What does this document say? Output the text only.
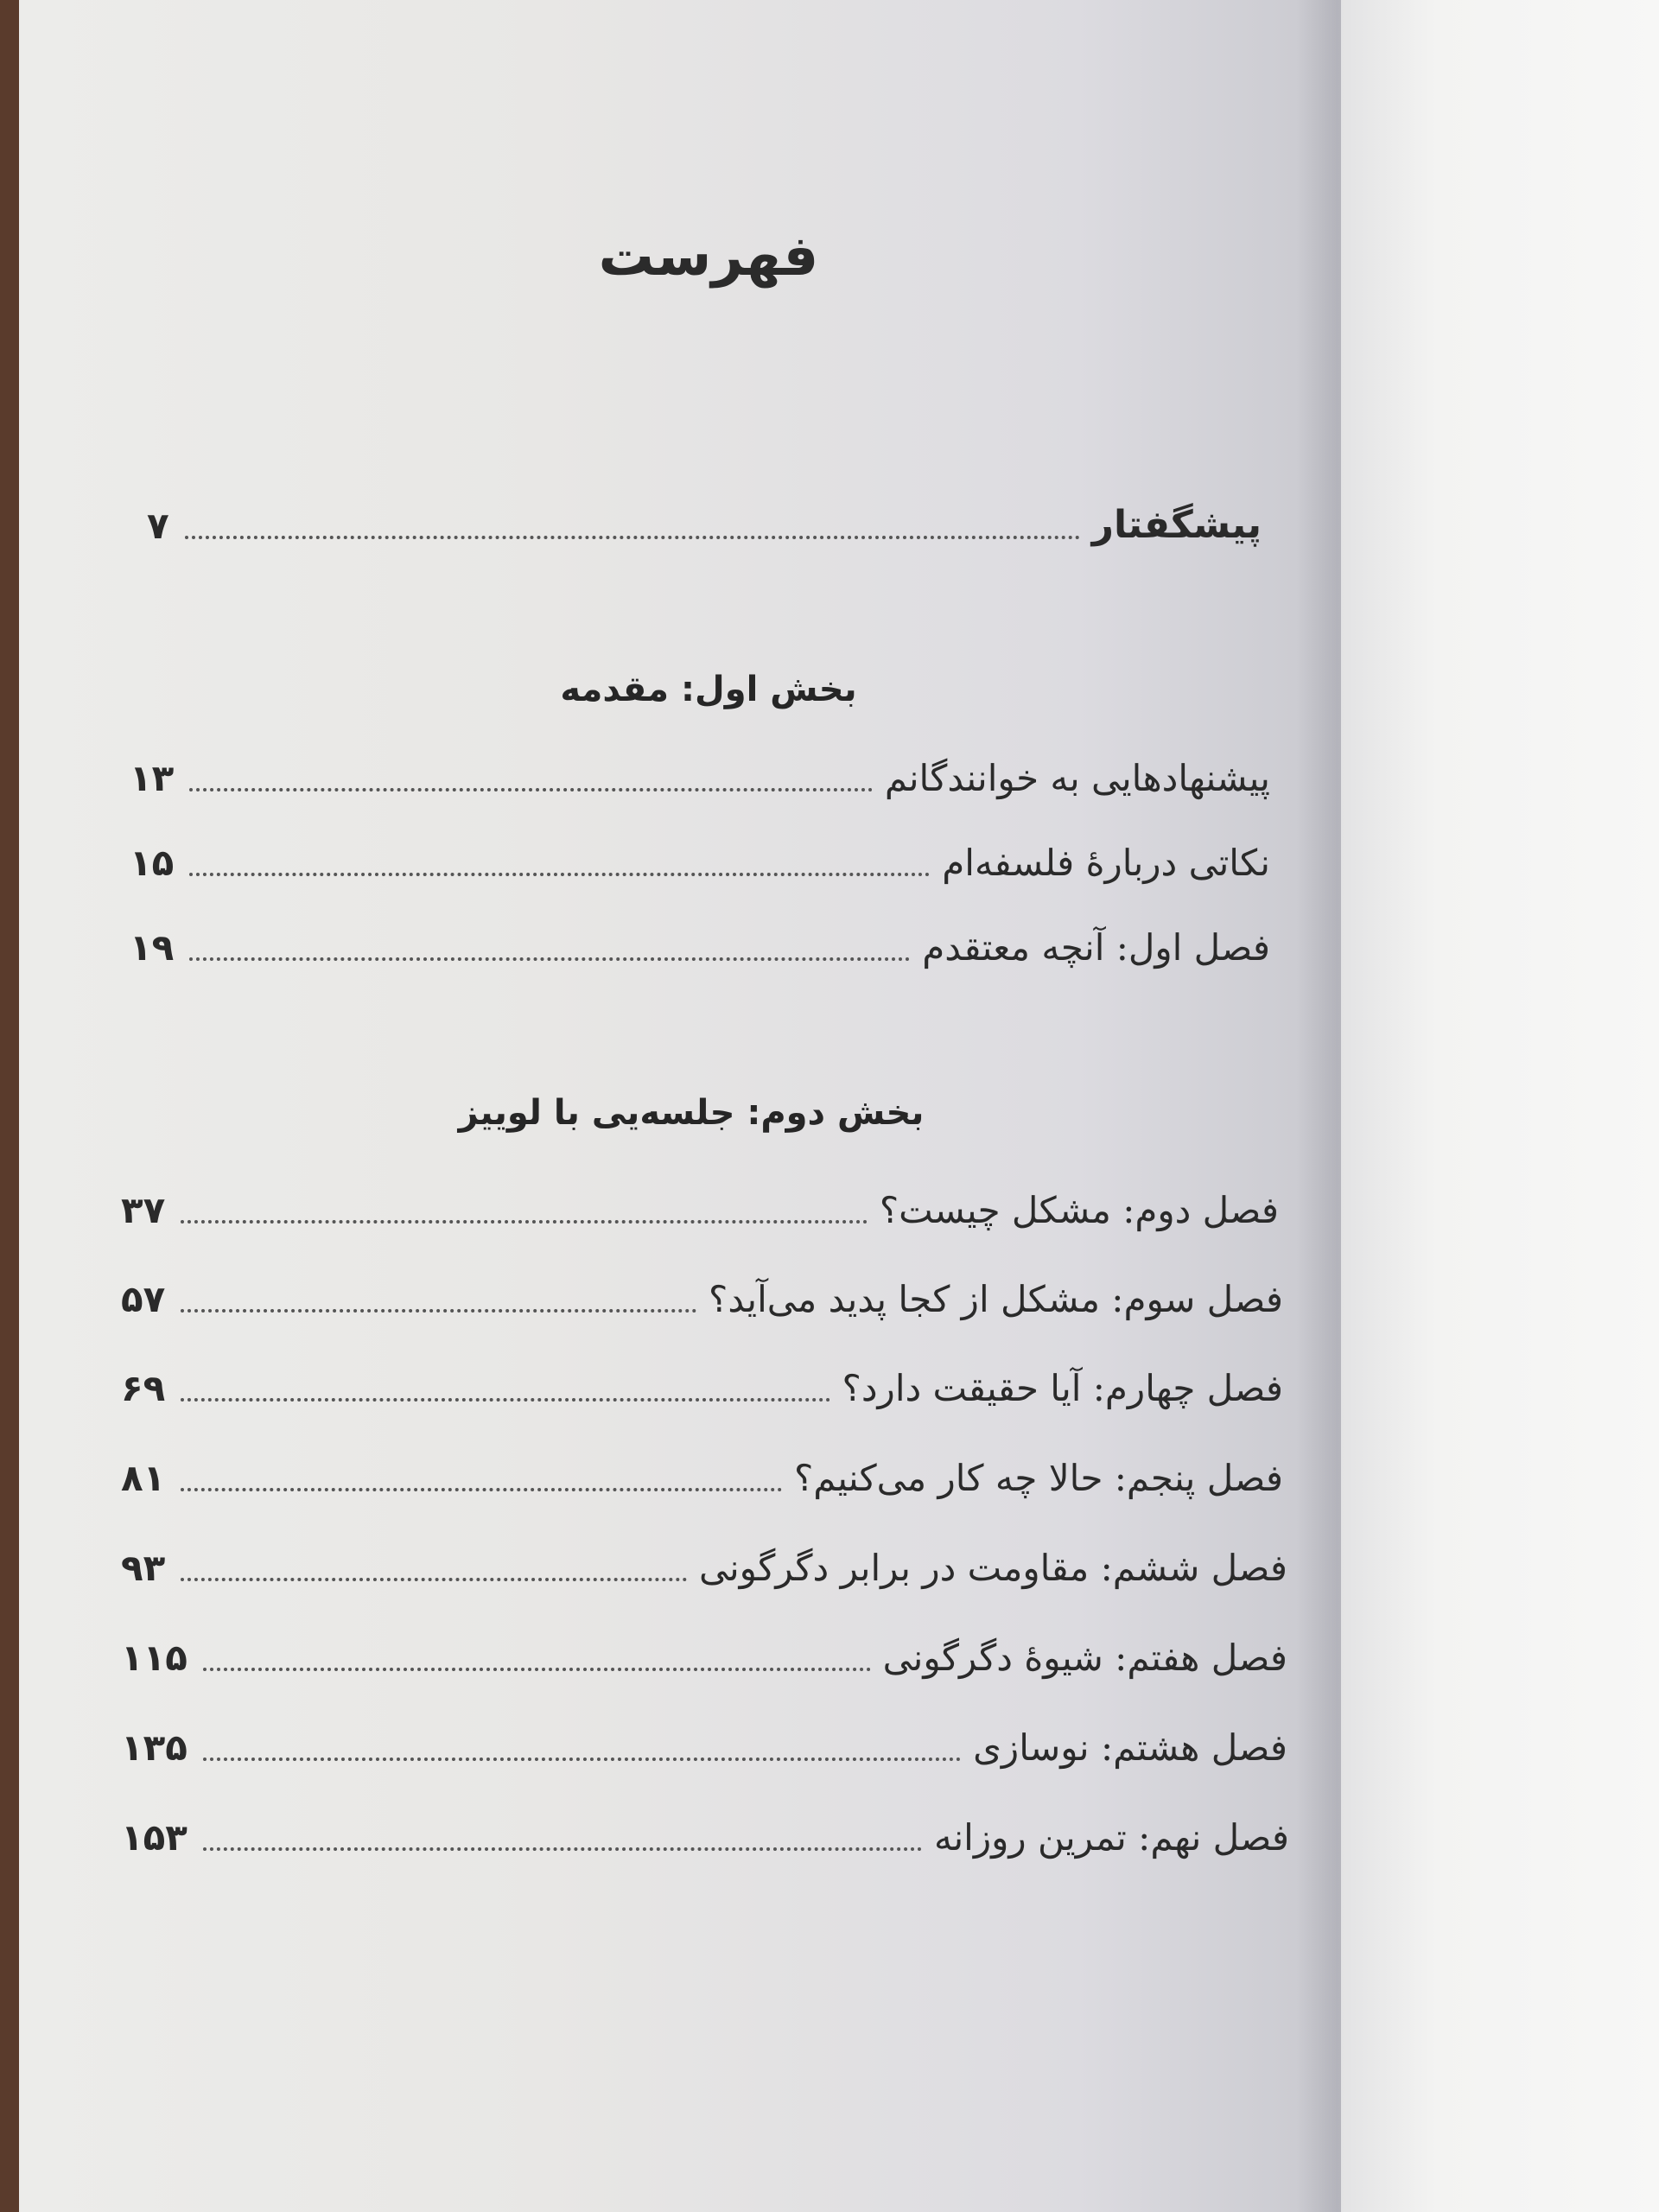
فهرست
پیشگفتار
۷
بخش اول: مقدمه
پیشنهادهایی به خوانندگانم
۱۳
نکاتی دربارهٔ فلسفه‌ام
۱۵
فصل اول: آنچه معتقدم
۱۹
بخش دوم: جلسه‌یی با لوییز
فصل دوم: مشکل چیست؟
۳۷
فصل سوم: مشکل از کجا پدید می‌آید؟
۵۷
فصل چهارم: آیا حقیقت دارد؟
۶۹
فصل پنجم: حالا چه کار می‌کنیم؟
۸۱
فصل ششم: مقاومت در برابر دگرگونی
۹۳
فصل هفتم: شیوهٔ دگرگونی
۱۱۵
فصل هشتم: نوسازی
۱۳۵
فصل نهم: تمرین روزانه
۱۵۳
